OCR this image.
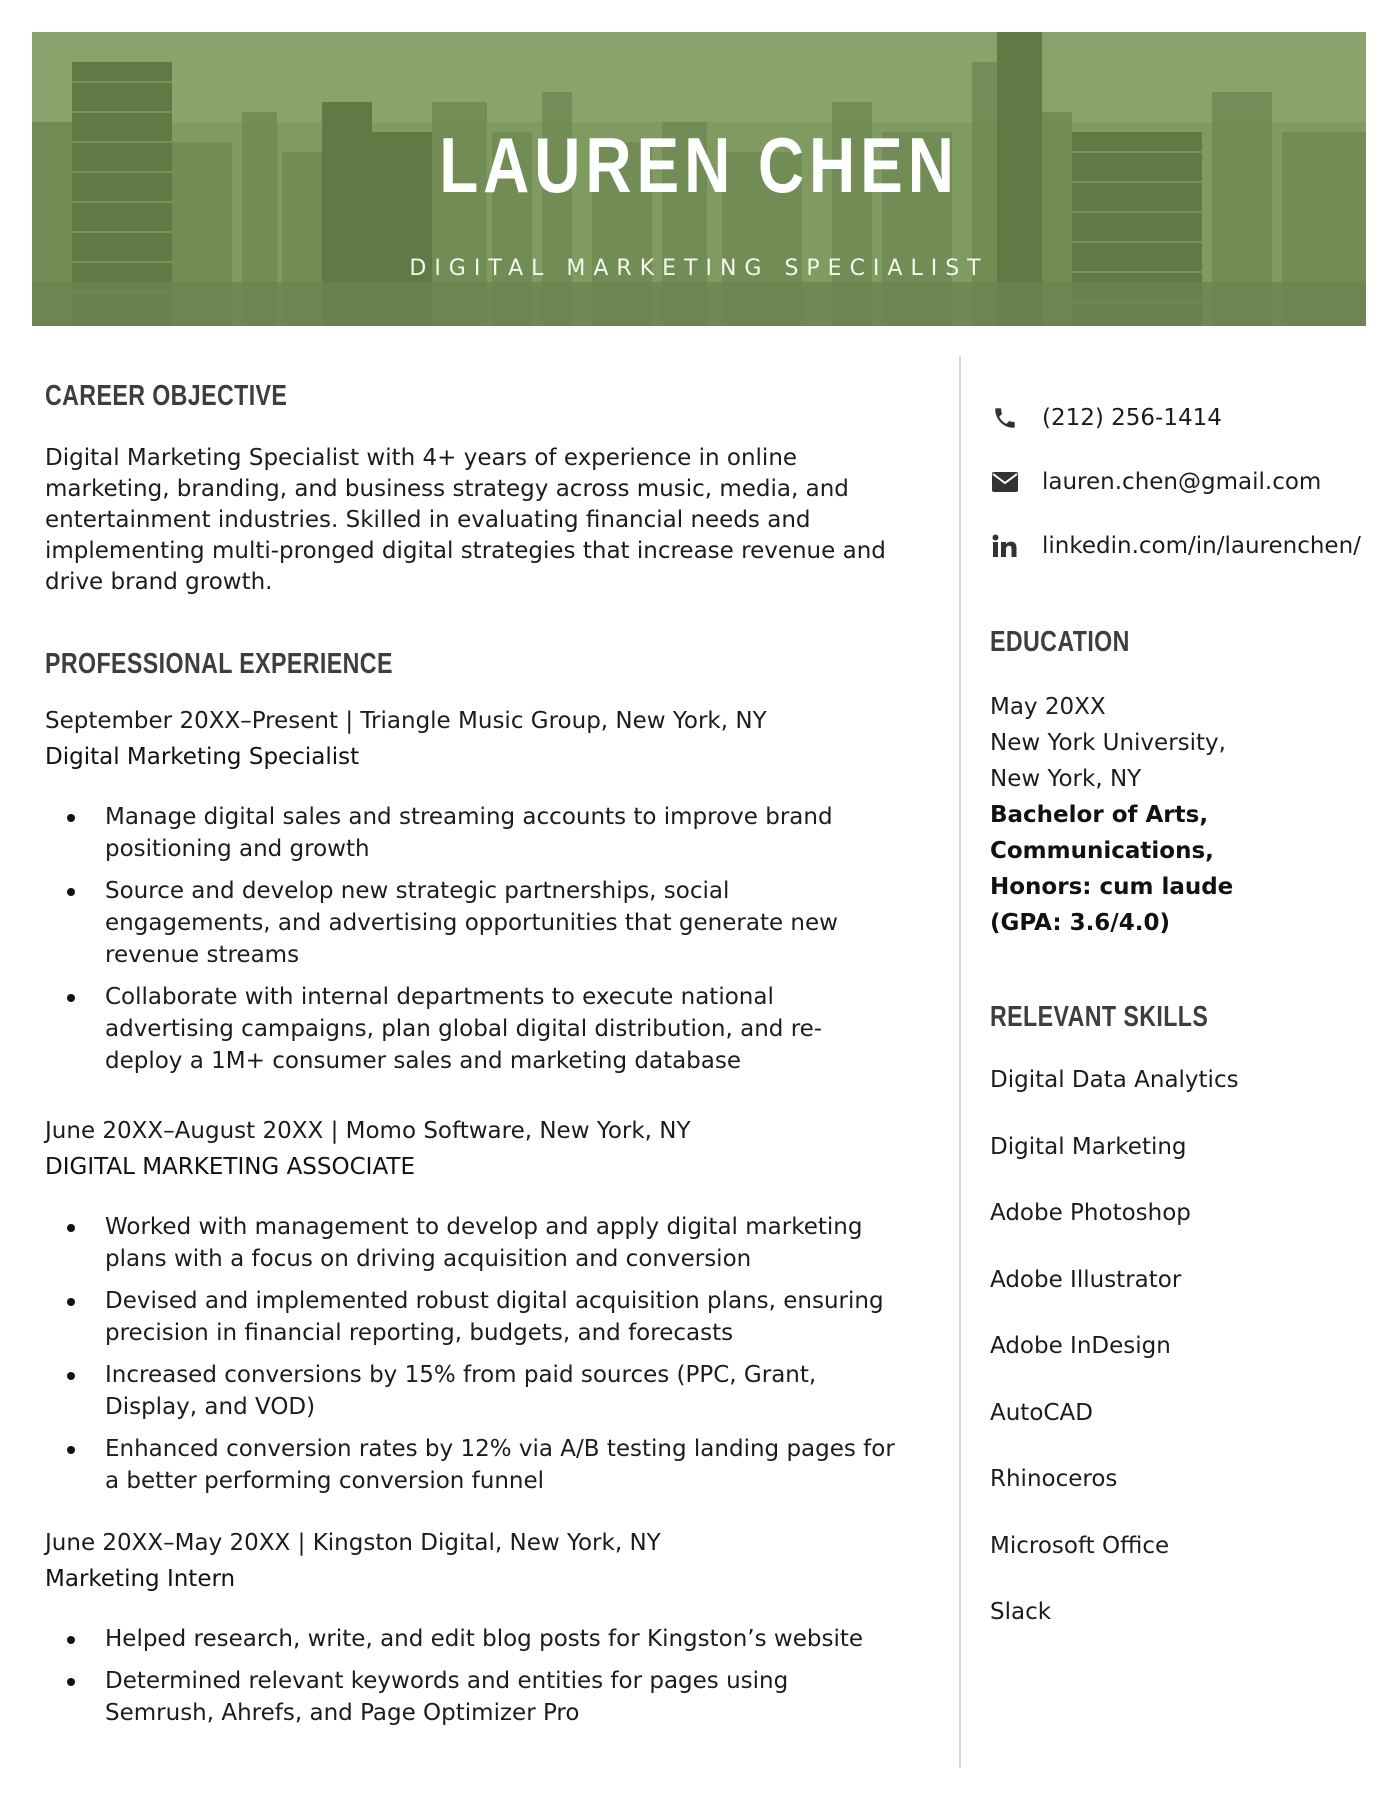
LAUREN CHEN
DIGITAL MARKETING SPECIALIST
CAREER OBJECTIVE

Digital Marketing Specialist with 4+ years of experience in online marketing, branding, and business strategy across music, media, and entertainment industries. Skilled in evaluating financial needs and implementing multi-pronged digital strategies that increase revenue and drive brand growth.

PROFESSIONAL EXPERIENCE
September 20XX–Present | Triangle Music Group, New York, NY
Digital Marketing Specialist
Manage digital sales and streaming accounts to improve brand positioning and growth
Source and develop new strategic partnerships, social engagements, and advertising opportunities that generate new revenue streams
Collaborate with internal departments to execute national advertising campaigns, plan global digital distribution, and re-deploy a 1M+ consumer sales and marketing database
June 20XX–August 20XX | Momo Software, New York, NY
DIGITAL MARKETING ASSOCIATE
Worked with management to develop and apply digital marketing plans with a focus on driving acquisition and conversion
Devised and implemented robust digital acquisition plans, ensuring precision in financial reporting, budgets, and forecasts
Increased conversions by 15% from paid sources (PPC, Grant, Display, and VOD)
Enhanced conversion rates by 12% via A/B testing landing pages for a better performing conversion funnel
June 20XX–May 20XX | Kingston Digital, New York, NY
Marketing Intern
Helped research, write, and edit blog posts for Kingston’s website
Determined relevant keywords and entities for pages using Semrush, Ahrefs, and Page Optimizer Pro
(212) 256-1414
lauren.chen@gmail.com
linkedin.com/in/laurenchen/
EDUCATION
May 20XX
New York University,
New York, NY
Bachelor of Arts,
Communications,
Honors: cum laude
(GPA: 3.6/4.0)
RELEVANT SKILLS
Digital Data Analytics
Digital Marketing
Adobe Photoshop
Adobe Illustrator
Adobe InDesign
AutoCAD
Rhinoceros
Microsoft Office
Slack
